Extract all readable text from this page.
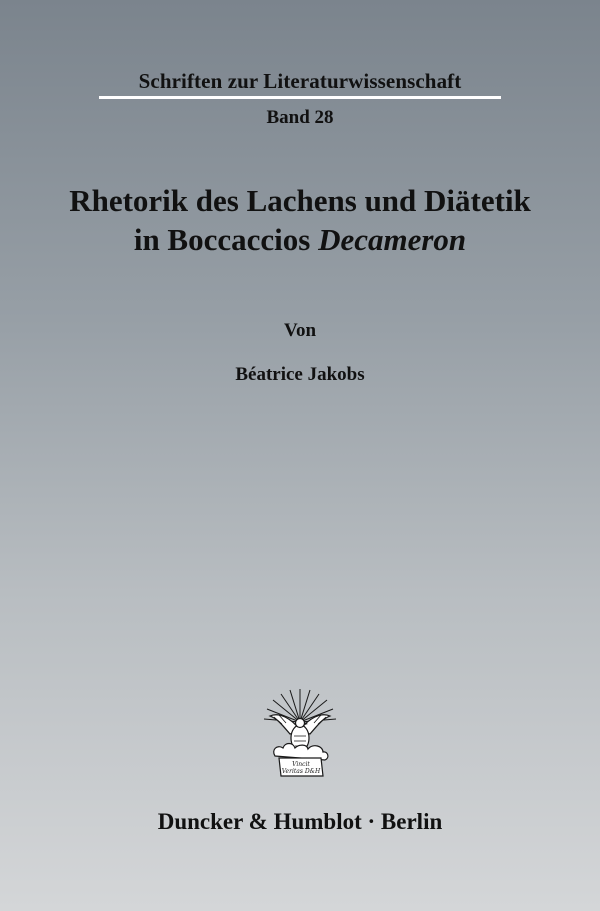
Schriften zur Literaturwissenschaft
Band 28
Rhetorik des Lachens und Diätetik
in Boccaccios Decameron
Von
Béatrice Jakobs
Vincit
Veritas D&H
Duncker & Humblot · Berlin
